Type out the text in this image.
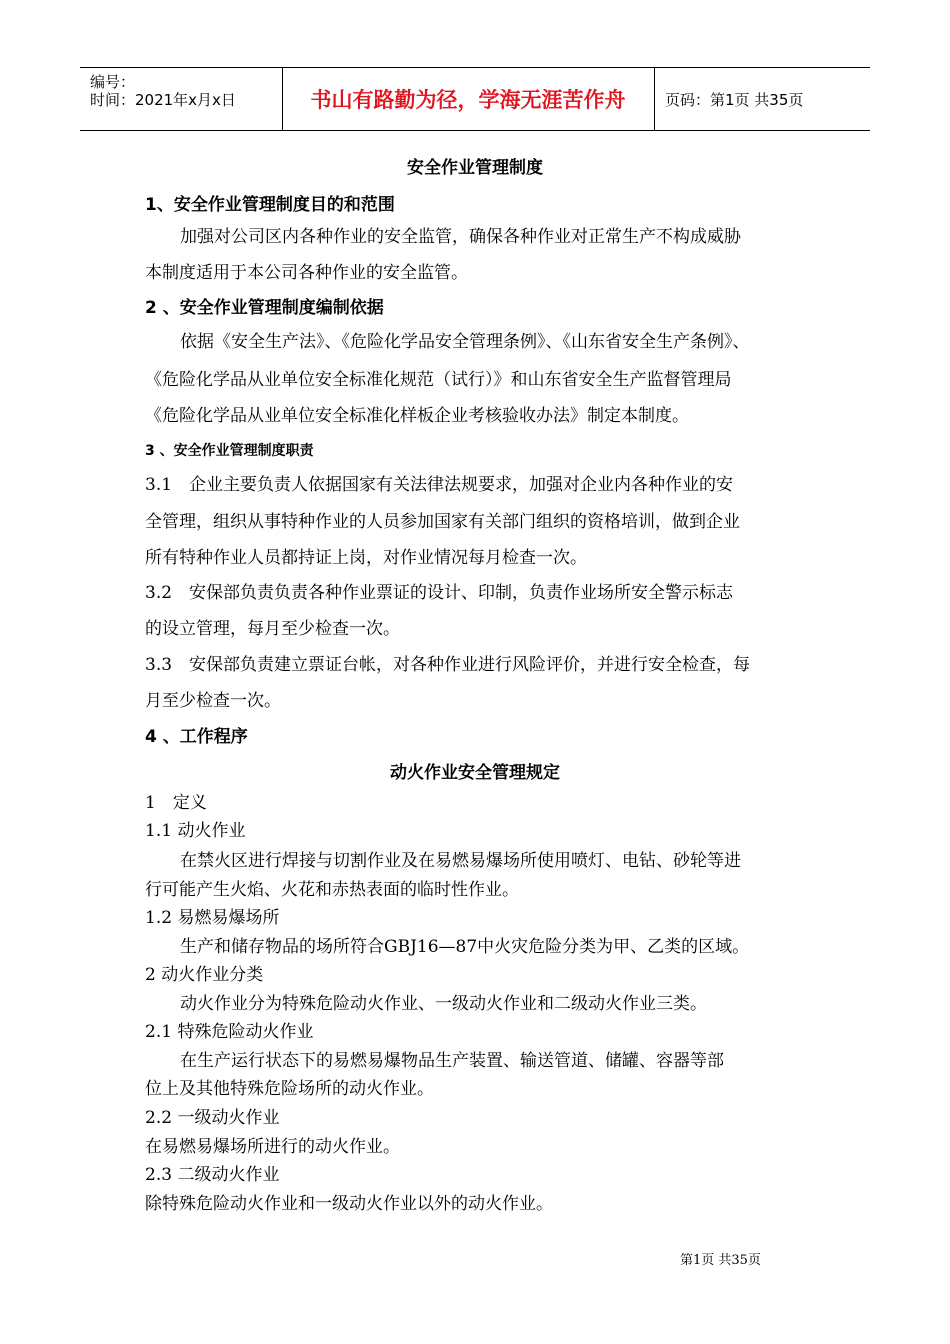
编号：
时间：2021年x月x日	书山有路勤为径，学海无涯苦作舟	页码：第1页 共35页
安全作业管理制度
1、安全作业管理制度目的和范围
加强对公司区内各种作业的安全监管，确保各种作业对正常生产不构成威胁
本制度适用于本公司各种作业的安全监管。
2 、安全作业管理制度编制依据
依据《安全生产法》、《危险化学品安全管理条例》、《山东省安全生产条例》、
《危险化学品从业单位安全标准化规范（试行）》和山东省安全生产监督管理局
《危险化学品从业单位安全标准化样板企业考核验收办法》制定本制度。
3 、安全作业管理制度职责
3.1　企业主要负责人依据国家有关法律法规要求，加强对企业内各种作业的安
全管理，组织从事特种作业的人员参加国家有关部门组织的资格培训，做到企业
所有特种作业人员都持证上岗，对作业情况每月检查一次。
3.2　安保部负责负责各种作业票证的设计、印制，负责作业场所安全警示标志
的设立管理，每月至少检查一次。
3.3　安保部负责建立票证台帐，对各种作业进行风险评价，并进行安全检查，每
月至少检查一次。
4 、工作程序
动火作业安全管理规定
1　定义
1.1 动火作业
在禁火区进行焊接与切割作业及在易燃易爆场所使用喷灯、电钻、砂轮等进
行可能产生火焰、火花和赤热表面的临时性作业。
1.2 易燃易爆场所
生产和储存物品的场所符合GBJ16—87中火灾危险分类为甲、乙类的区域。
2 动火作业分类
动火作业分为特殊危险动火作业、一级动火作业和二级动火作业三类。
2.1 特殊危险动火作业
在生产运行状态下的易燃易爆物品生产装置、输送管道、储罐、容器等部
位上及其他特殊危险场所的动火作业。
2.2 一级动火作业
在易燃易爆场所进行的动火作业。
2.3 二级动火作业
除特殊危险动火作业和一级动火作业以外的动火作业。
第1页 共35页
